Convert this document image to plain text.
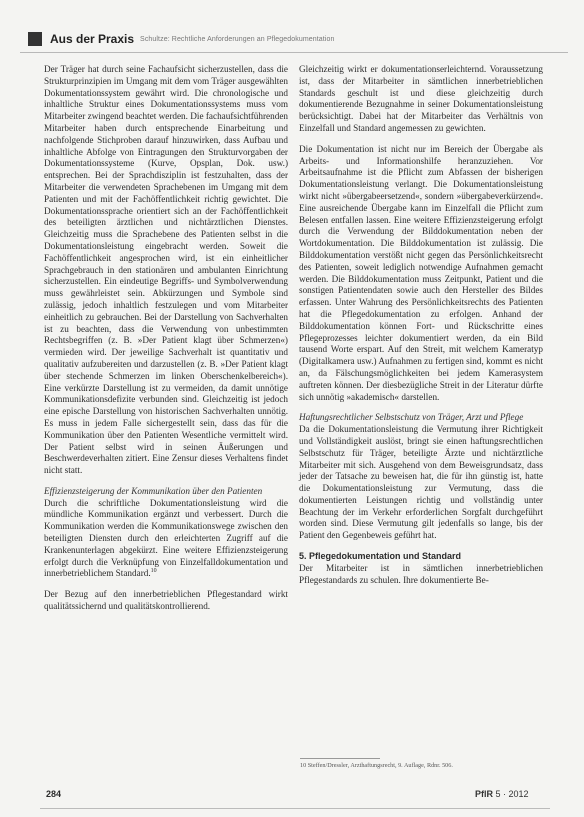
Aus der Praxis Schultze: Rechtliche Anforderungen an Pflegedokumentation

Der Träger hat durch seine Fachaufsicht sicherzustellen, dass die Strukturprinzipien im Umgang mit dem vom Träger ausgewählten Dokumentationssystem gewährt wird. Die chronologische und inhaltliche Struktur eines Dokumentationssystems muss vom Mitarbeiter zwingend beachtet werden. Die fachaufsichtführenden Mitarbeiter haben durch entsprechende Einarbeitung und nachfolgende Stichproben darauf hinzuwirken, dass Aufbau und inhaltliche Abfolge von Eintragungen den Strukturvorgaben der Dokumentationssysteme (Kurve, Opsplan, Dok. usw.) entsprechen. Bei der Sprachdisziplin ist festzuhalten, dass der Mitarbeiter die verwendeten Sprachebenen im Umgang mit dem Patienten und mit der Fachöffentlichkeit richtig gewichtet. Die Dokumentationssprache orientiert sich an der Fachöffentlichkeit des beteiligten ärztlichen und nichtärztlichen Dienstes. Gleichzeitig muss die Sprachebene des Patienten selbst in die Dokumentationsleistung eingebracht werden. Soweit die Fachöffentlichkeit angesprochen wird, ist ein einheitlicher Sprachgebrauch in den stationären und ambulanten Einrichtung sicherzustellen. Ein eindeutige Begriffs- und Symbolverwendung muss gewährleistet sein. Abkürzungen und Symbole sind zulässig, jedoch inhaltlich festzulegen und vom Mitarbeiter einheitlich zu gebrauchen. Bei der Darstellung von Sachverhalten ist zu beachten, dass die Verwendung von unbestimmten Rechtsbegriffen (z. B. »Der Patient klagt über Schmerzen«) vermieden wird. Der jeweilige Sachverhalt ist quantitativ und qualitativ aufzubereiten und darzustellen (z. B. »Der Patient klagt über stechende Schmerzen im linken Oberschenkelbereich«). Eine verkürzte Darstellung ist zu vermeiden, da damit unnötige Kommunikationsdefizite verbunden sind. Gleichzeitig ist jedoch eine epische Darstellung von historischen Sachverhalten unnötig. Es muss in jedem Falle sichergestellt sein, dass das für die Kommunikation über den Patienten Wesentliche vermittelt wird. Der Patient selbst wird in seinen Äußerungen und Beschwerdeverhalten zitiert. Eine Zensur dieses Verhaltens findet nicht statt.

Effizienzsteigerung der Kommunikation über den Patienten
Durch die schriftliche Dokumentationsleistung wird die mündliche Kommunikation ergänzt und verbessert. Durch die Kommunikation werden die Kommunikationswege zwischen den beteiligten Diensten durch den erleichterten Zugriff auf die Krankenunterlagen abgekürzt. Eine weitere Effizienzsteigerung erfolgt durch die Verknüpfung von Einzelfalldokumentation und innerbetrieblichem Standard.$^{10}$

Der Bezug auf den innerbetrieblichen Pflegestandard wirkt qualitätssichernd und qualitätskontrollierend.

Gleichzeitig wirkt er dokumentationserleichternd. Voraussetzung ist, dass der Mitarbeiter in sämtlichen innerbetrieblichen Standards geschult ist und diese gleichzeitig durch dokumentierende Bezugnahme in seiner Dokumentationsleistung berücksichtigt. Dabei hat der Mitarbeiter das Verhältnis von Einzelfall und Standard angemessen zu gewichten.

Die Dokumentation ist nicht nur im Bereich der Übergabe als Arbeits- und Informationshilfe heranzuziehen. Vor Arbeitsaufnahme ist die Pflicht zum Abfassen der bisherigen Dokumentationsleistung verlangt. Die Dokumentationsleistung wirkt nicht »übergabeersetzend«, sondern »übergabeverkürzend«. Eine ausreichende Übergabe kann im Einzelfall die Pflicht zum Belesen entfallen lassen. Eine weitere Effizienzsteigerung erfolgt durch die Verwendung der Bilddokumentation neben der Wortdokumentation. Die Bilddokumentation ist zulässig. Die Bilddokumentation verstößt nicht gegen das Persönlichkeitsrecht des Patienten, soweit lediglich notwendige Aufnahmen gemacht werden. Die Bilddokumentation muss Zeitpunkt, Patient und die sonstigen Patientendaten sowie auch den Hersteller des Bildes erfassen. Unter Wahrung des Persönlichkeitsrechts des Patienten hat die Pflegedokumentation zu erfolgen. Anhand der Bilddokumentation können Fort- und Rückschritte eines Pflegeprozesses leichter dokumentiert werden, da ein Bild tausend Worte erspart. Auf den Streit, mit welchem Kameratyp (Digitalkamera usw.) Aufnahmen zu fertigen sind, kommt es nicht an, da Fälschungsmöglichkeiten bei jedem Kamerasystem auftreten können. Der diesbezügliche Streit in der Literatur dürfte sich unnötig »akademisch« darstellen.

Haftungsrechtlicher Selbstschutz von Träger, Arzt und Pflege
Da die Dokumentationsleistung die Vermutung ihrer Richtigkeit und Vollständigkeit auslöst, bringt sie einen haftungsrechtlichen Selbstschutz für Träger, beteiligte Ärzte und nichtärztliche Mitarbeiter mit sich. Ausgehend von dem Beweisgrundsatz, dass jeder der Tatsache zu beweisen hat, die für ihn günstig ist, hatte die Dokumentationsleistung zur Vermutung, dass die dokumentierten Leistungen richtig und vollständig unter Beachtung der im Verkehr erforderlichen Sorgfalt durchgeführt worden sind. Diese Vermutung gilt jedenfalls so lange, bis der Patient den Gegenbeweis geführt hat.

5. Pflegedokumentation und Standard
Der Mitarbeiter ist in sämtlichen innerbetrieblichen Pflegestandards zu schulen. Ihre dokumentierte Be-

10 Steffen/Dressler, Arzthaftungsrecht, 9. Auflage, Rdnr. 506.
284	PflR 5 · 2012
